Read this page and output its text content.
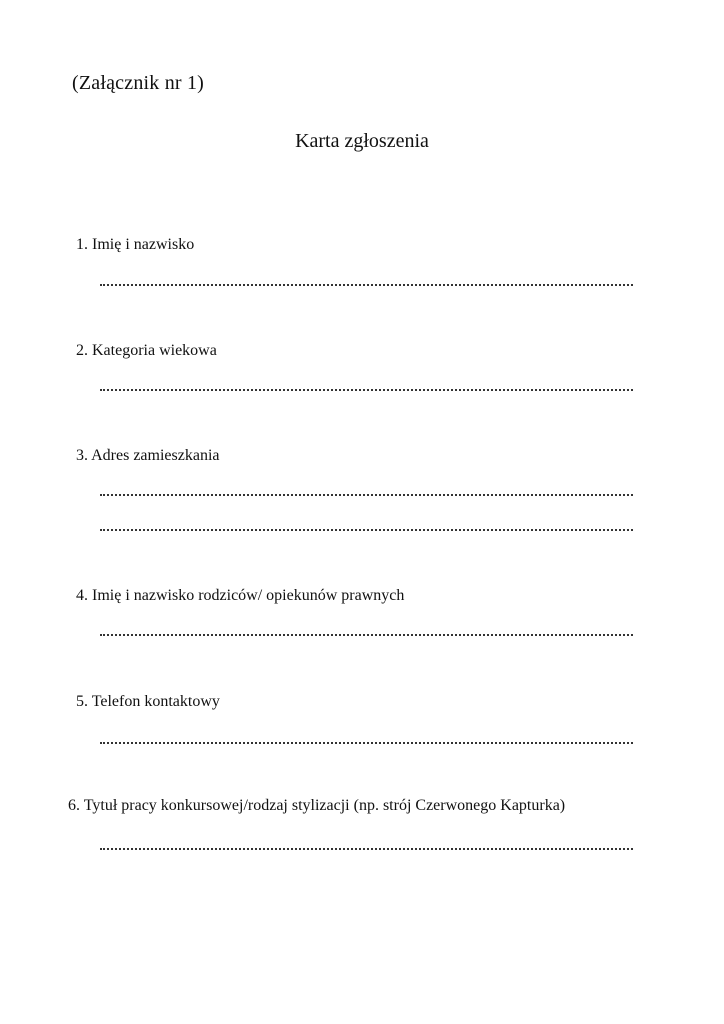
(Załącznik nr 1)
Karta zgłoszenia
1. Imię i nazwisko
2. Kategoria wiekowa
3. Adres zamieszkania
4. Imię i nazwisko rodziców/ opiekunów prawnych
5. Telefon kontaktowy
6. Tytuł pracy konkursowej/rodzaj stylizacji (np. strój Czerwonego Kapturka)
